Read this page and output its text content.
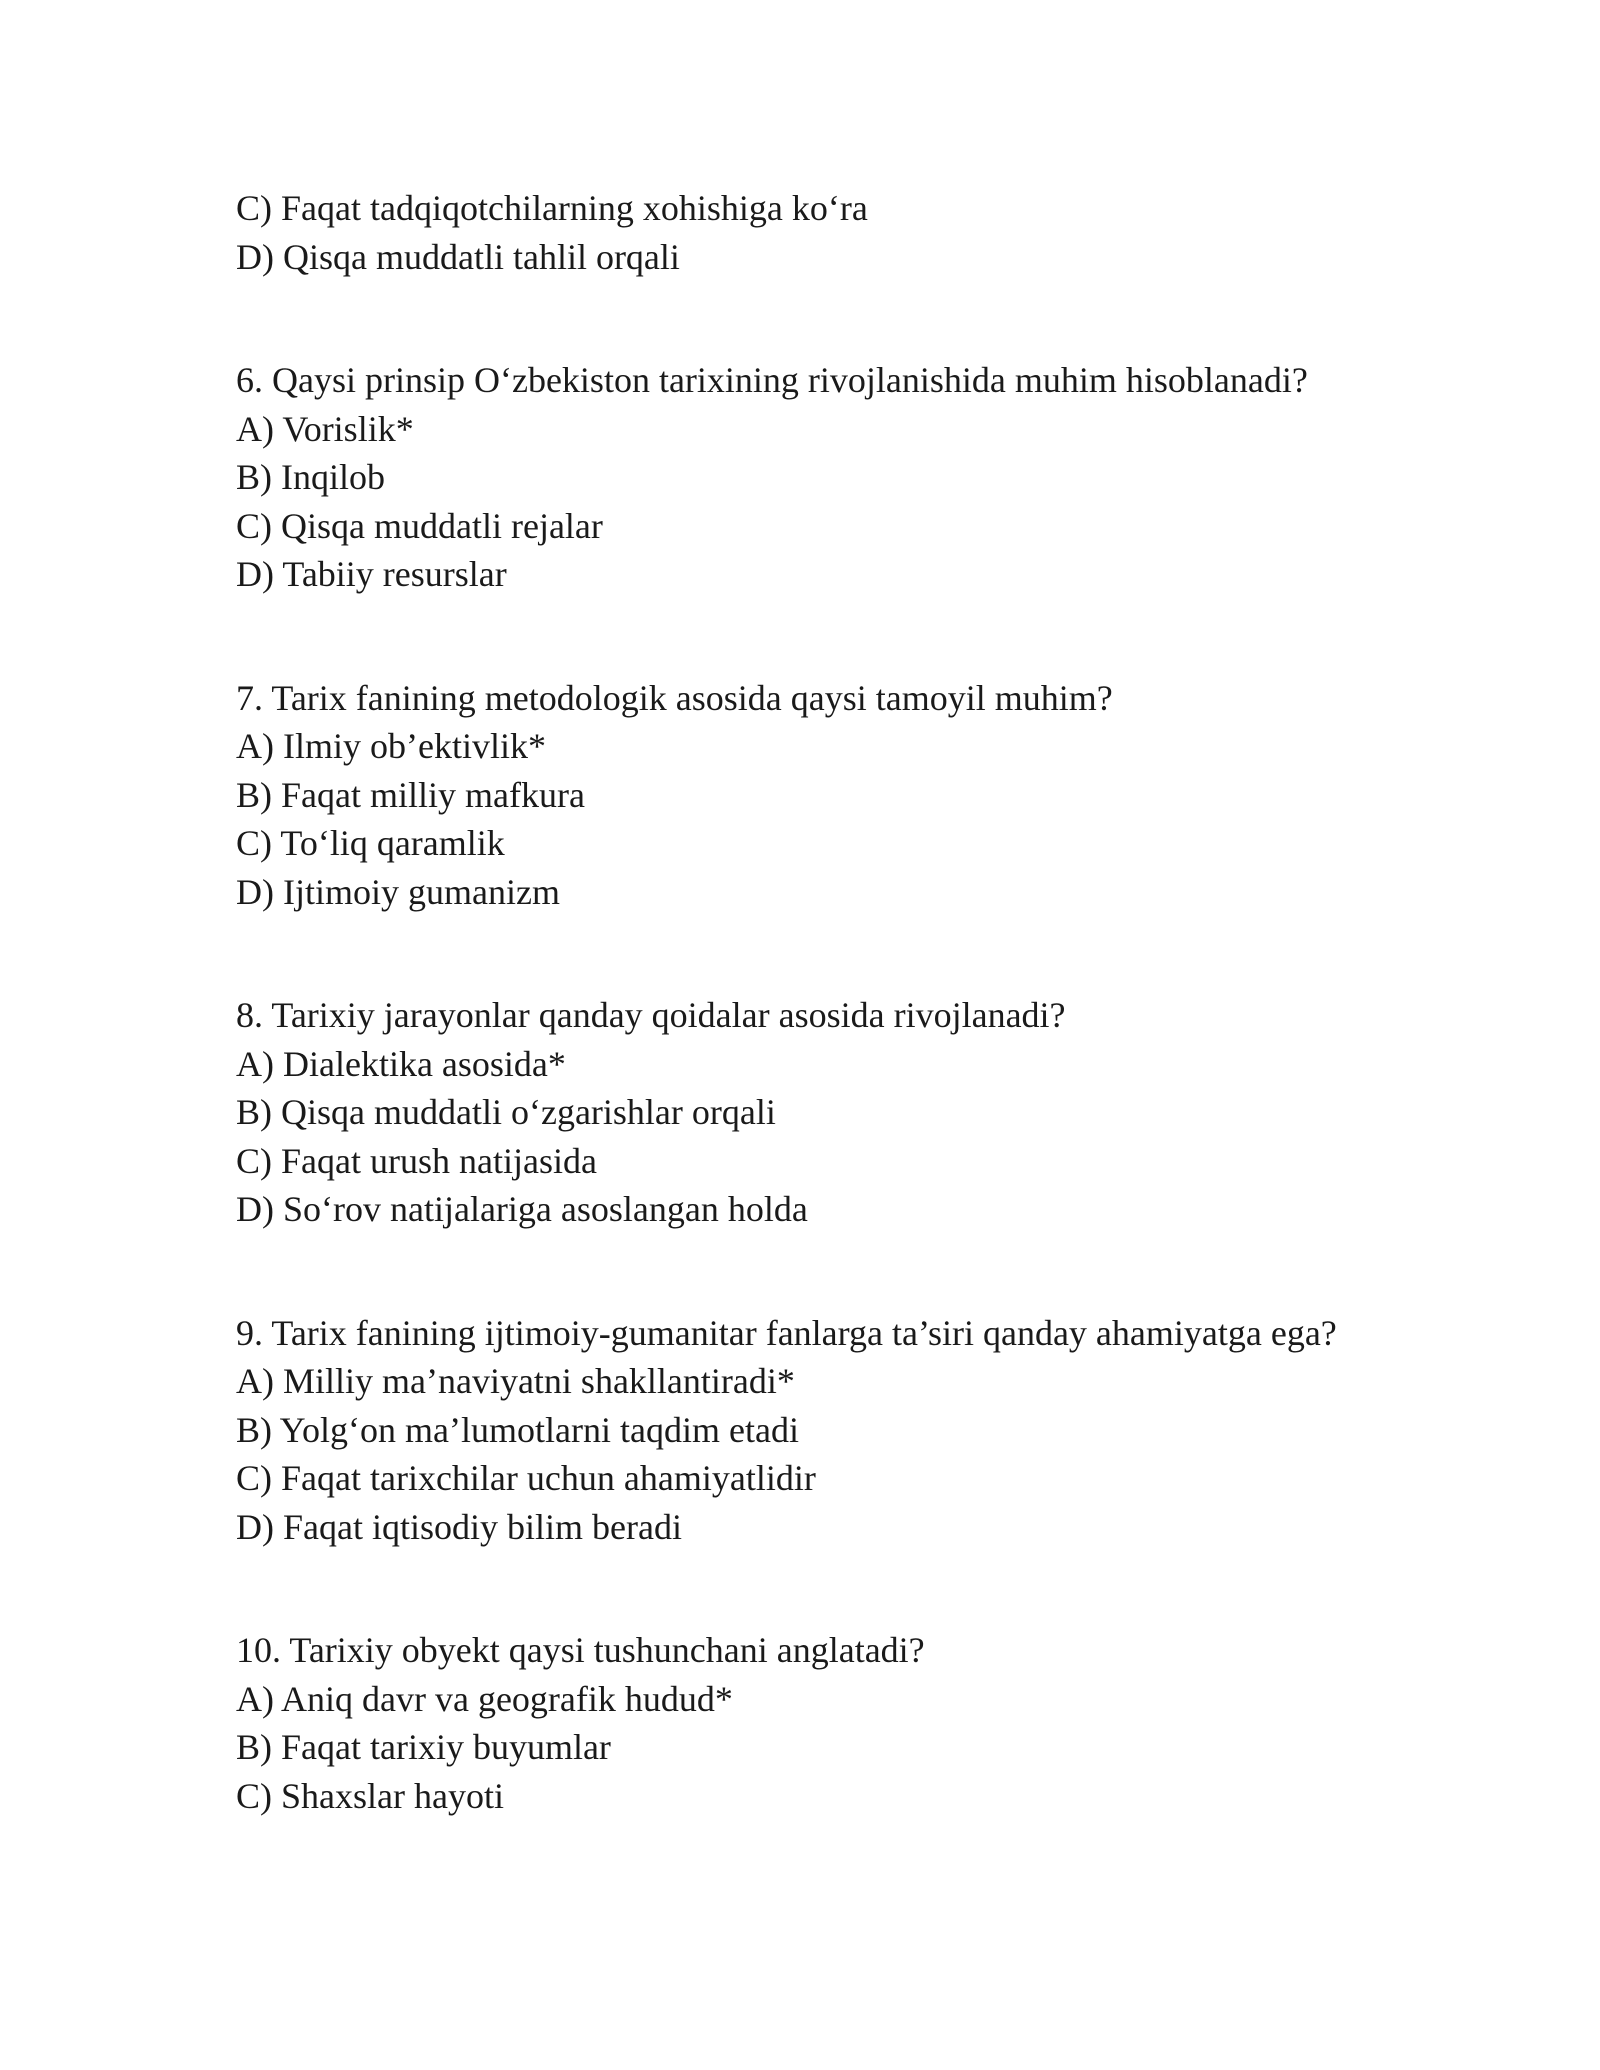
C) Faqat tadqiqotchilarning xohishiga ko‘ra
D) Qisqa muddatli tahlil orqali
6. Qaysi prinsip O‘zbekiston tarixining rivojlanishida muhim hisoblanadi?
A) Vorislik*
B) Inqilob
C) Qisqa muddatli rejalar
D) Tabiiy resurslar
7. Tarix fanining metodologik asosida qaysi tamoyil muhim?
A) Ilmiy ob’ektivlik*
B) Faqat milliy mafkura
C) To‘liq qaramlik
D) Ijtimoiy gumanizm
8. Tarixiy jarayonlar qanday qoidalar asosida rivojlanadi?
A) Dialektika asosida*
B) Qisqa muddatli o‘zgarishlar orqali
C) Faqat urush natijasida
D) So‘rov natijalariga asoslangan holda
9. Tarix fanining ijtimoiy-gumanitar fanlarga ta’siri qanday ahamiyatga ega?
A) Milliy ma’naviyatni shakllantiradi*
B) Yolg‘on ma’lumotlarni taqdim etadi
C) Faqat tarixchilar uchun ahamiyatlidir
D) Faqat iqtisodiy bilim beradi
10. Tarixiy obyekt qaysi tushunchani anglatadi?
A) Aniq davr va geografik hudud*
B) Faqat tarixiy buyumlar
C) Shaxslar hayoti
